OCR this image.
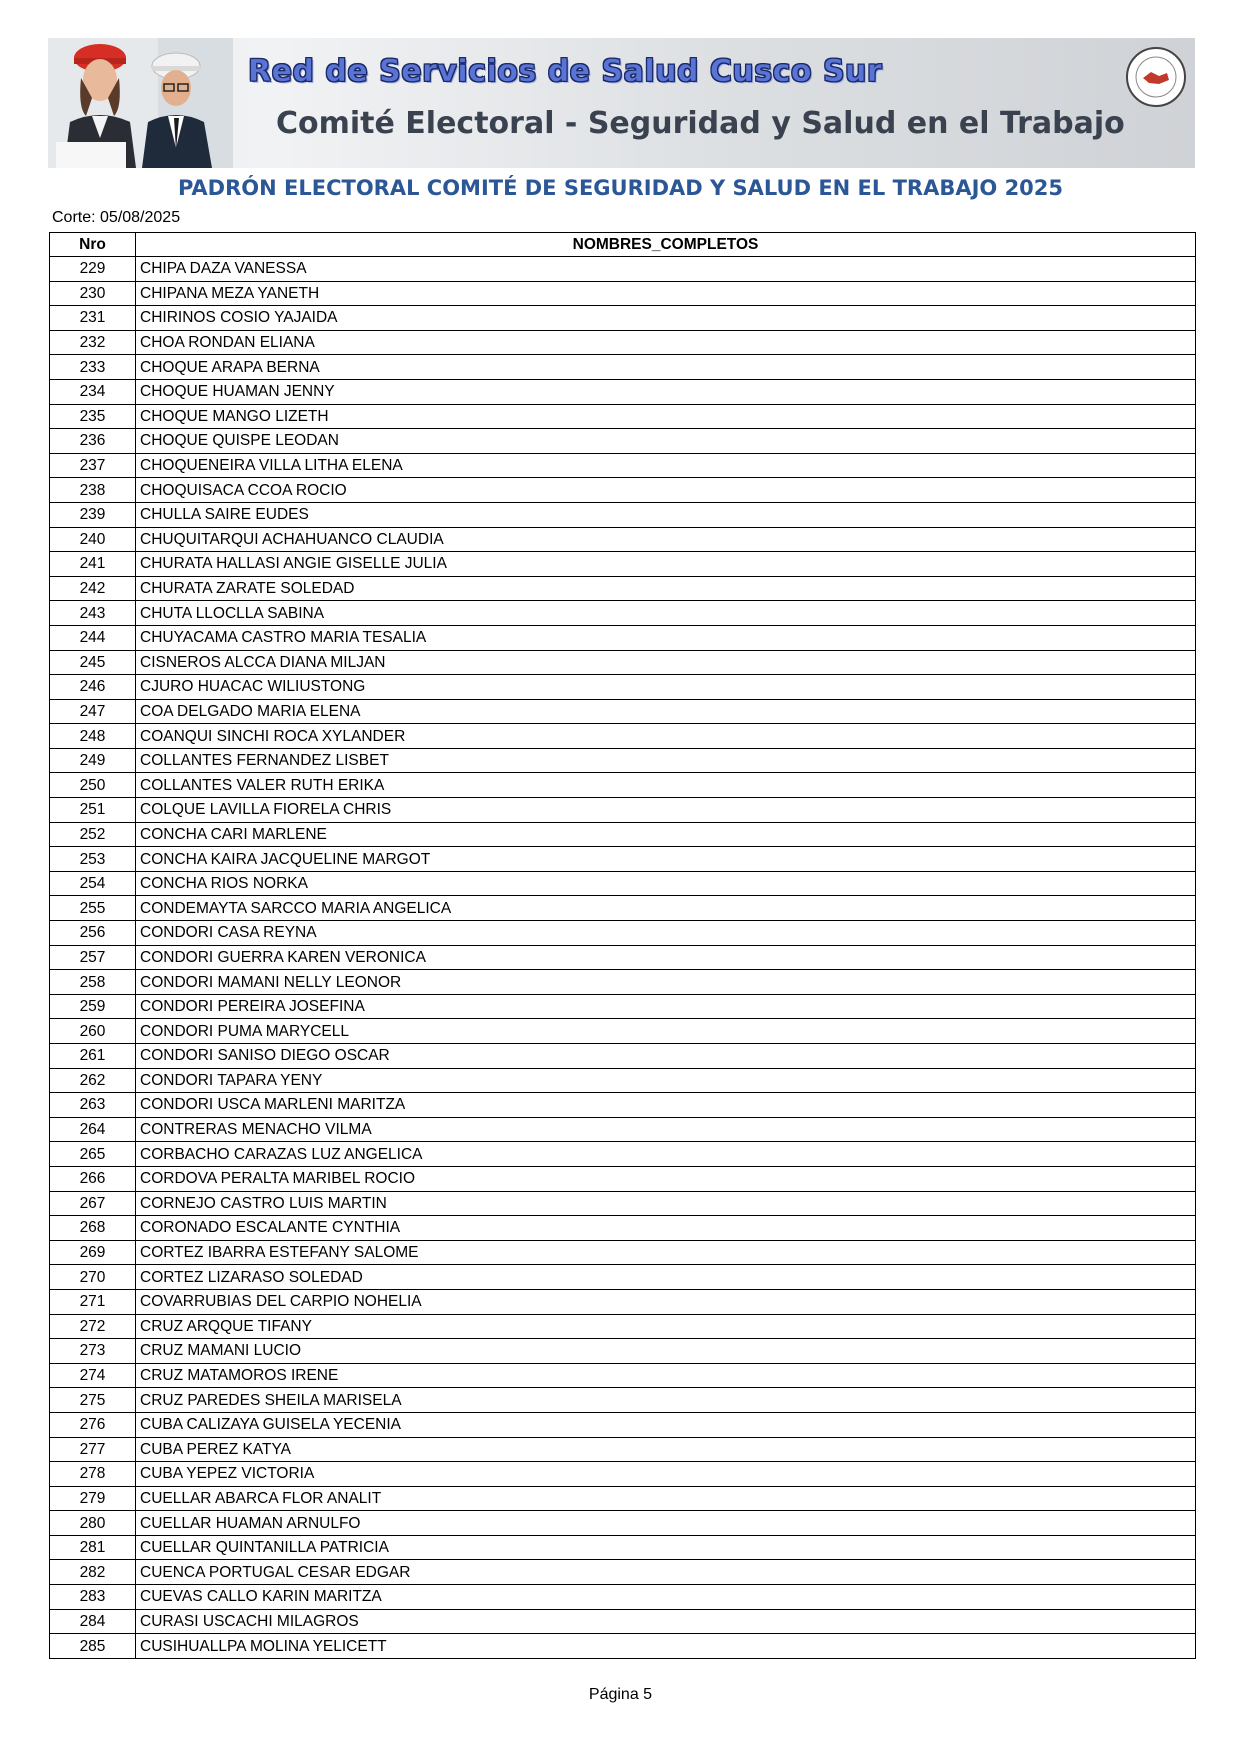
Red de Servicios de Salud Cusco Sur
Comité Electoral - Seguridad y Salud en el Trabajo
PADRÓN ELECTORAL COMITÉ DE SEGURIDAD Y SALUD EN EL TRABAJO 2025
Corte: 05/08/2025
Nro	NOMBRES_COMPLETOS
229	CHIPA DAZA VANESSA
230	CHIPANA MEZA YANETH
231	CHIRINOS COSIO YAJAIDA
232	CHOA RONDAN ELIANA
233	CHOQUE ARAPA BERNA
234	CHOQUE HUAMAN JENNY
235	CHOQUE MANGO LIZETH
236	CHOQUE QUISPE LEODAN
237	CHOQUENEIRA VILLA LITHA ELENA
238	CHOQUISACA CCOA ROCIO
239	CHULLA SAIRE EUDES
240	CHUQUITARQUI ACHAHUANCO CLAUDIA
241	CHURATA HALLASI ANGIE GISELLE JULIA
242	CHURATA ZARATE SOLEDAD
243	CHUTA LLOCLLA SABINA
244	CHUYACAMA CASTRO MARIA TESALIA
245	CISNEROS ALCCA DIANA MILJAN
246	CJURO HUACAC WILIUSTONG
247	COA DELGADO MARIA ELENA
248	COANQUI SINCHI ROCA XYLANDER
249	COLLANTES FERNANDEZ LISBET
250	COLLANTES VALER RUTH ERIKA
251	COLQUE LAVILLA FIORELA CHRIS
252	CONCHA CARI MARLENE
253	CONCHA KAIRA JACQUELINE MARGOT
254	CONCHA RIOS NORKA
255	CONDEMAYTA SARCCO MARIA ANGELICA
256	CONDORI CASA REYNA
257	CONDORI GUERRA KAREN VERONICA
258	CONDORI MAMANI NELLY LEONOR
259	CONDORI PEREIRA JOSEFINA
260	CONDORI PUMA MARYCELL
261	CONDORI SANISO DIEGO OSCAR
262	CONDORI TAPARA YENY
263	CONDORI USCA MARLENI MARITZA
264	CONTRERAS MENACHO VILMA
265	CORBACHO CARAZAS LUZ ANGELICA
266	CORDOVA PERALTA MARIBEL ROCIO
267	CORNEJO CASTRO LUIS MARTIN
268	CORONADO ESCALANTE CYNTHIA
269	CORTEZ IBARRA ESTEFANY SALOME
270	CORTEZ LIZARASO SOLEDAD
271	COVARRUBIAS DEL CARPIO NOHELIA
272	CRUZ ARQQUE TIFANY
273	CRUZ MAMANI LUCIO
274	CRUZ MATAMOROS IRENE
275	CRUZ PAREDES SHEILA MARISELA
276	CUBA CALIZAYA GUISELA YECENIA
277	CUBA PEREZ KATYA
278	CUBA YEPEZ VICTORIA
279	CUELLAR ABARCA FLOR ANALIT
280	CUELLAR HUAMAN ARNULFO
281	CUELLAR QUINTANILLA PATRICIA
282	CUENCA PORTUGAL CESAR EDGAR
283	CUEVAS CALLO KARIN MARITZA
284	CURASI USCACHI MILAGROS
285	CUSIHUALLPA MOLINA YELICETT
Página 5
